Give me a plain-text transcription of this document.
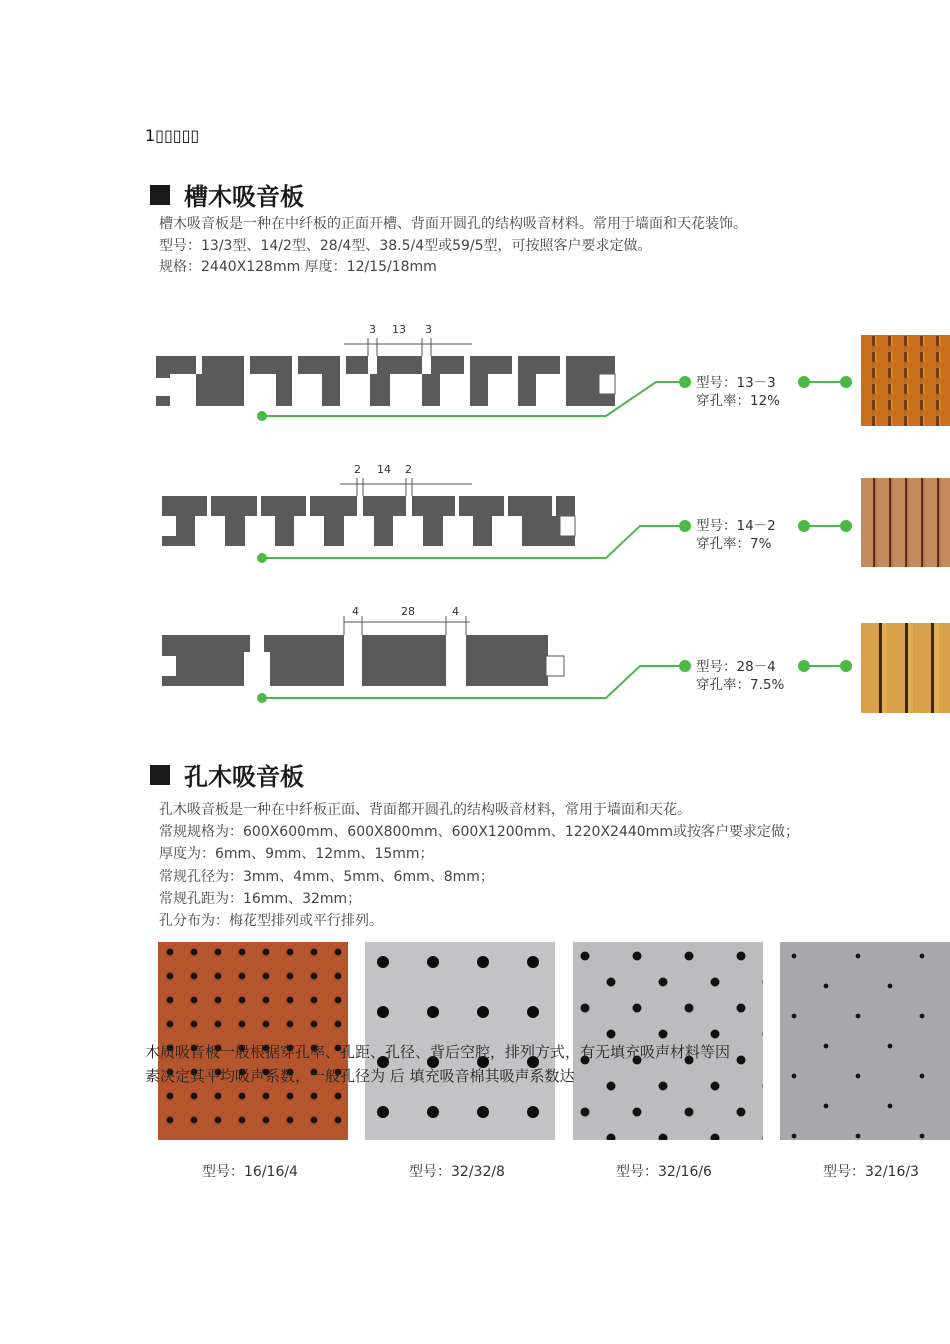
1▯▯▯▯▯
槽木吸音板
槽木吸音板是一种在中纤板的正面开槽、背面开圆孔的结构吸音材料。常用于墙面和天花装饰。
型号：13/3型、14/2型、28/4型、38.5/4型或59/5型，可按照客户要求定做。
规格：2440X128mm 厚度：12/15/18mm
3 13 3
2 14 2
4	28	4
型号：13－3
穿孔率：12%
型号：14－2
穿孔率：7%
型号：28－4
穿孔率：7.5%
孔木吸音板
孔木吸音板是一种在中纤板正面、背面都开圆孔的结构吸音材料，常用于墙面和天花。
常规规格为：600X600mm、600X800mm、600X1200mm、1220X2440mm或按客户要求定做；
厚度为：6mm、9mm、12mm、15mm；
常规孔径为：3mm、4mm、5mm、6mm、8mm；
常规孔距为：16mm、32mm；
孔分布为：梅花型排列或平行排列。
型号：16/16/4	型号：32/32/8	型号：32/16/6	型号：32/16/3
木质吸音板一般根据穿孔率、孔距、孔径、背后空腔，排列方式，有无填充吸声材料等因
素决定其平均吸声系数，一般孔径为 后 填充吸音棉其吸声系数达
